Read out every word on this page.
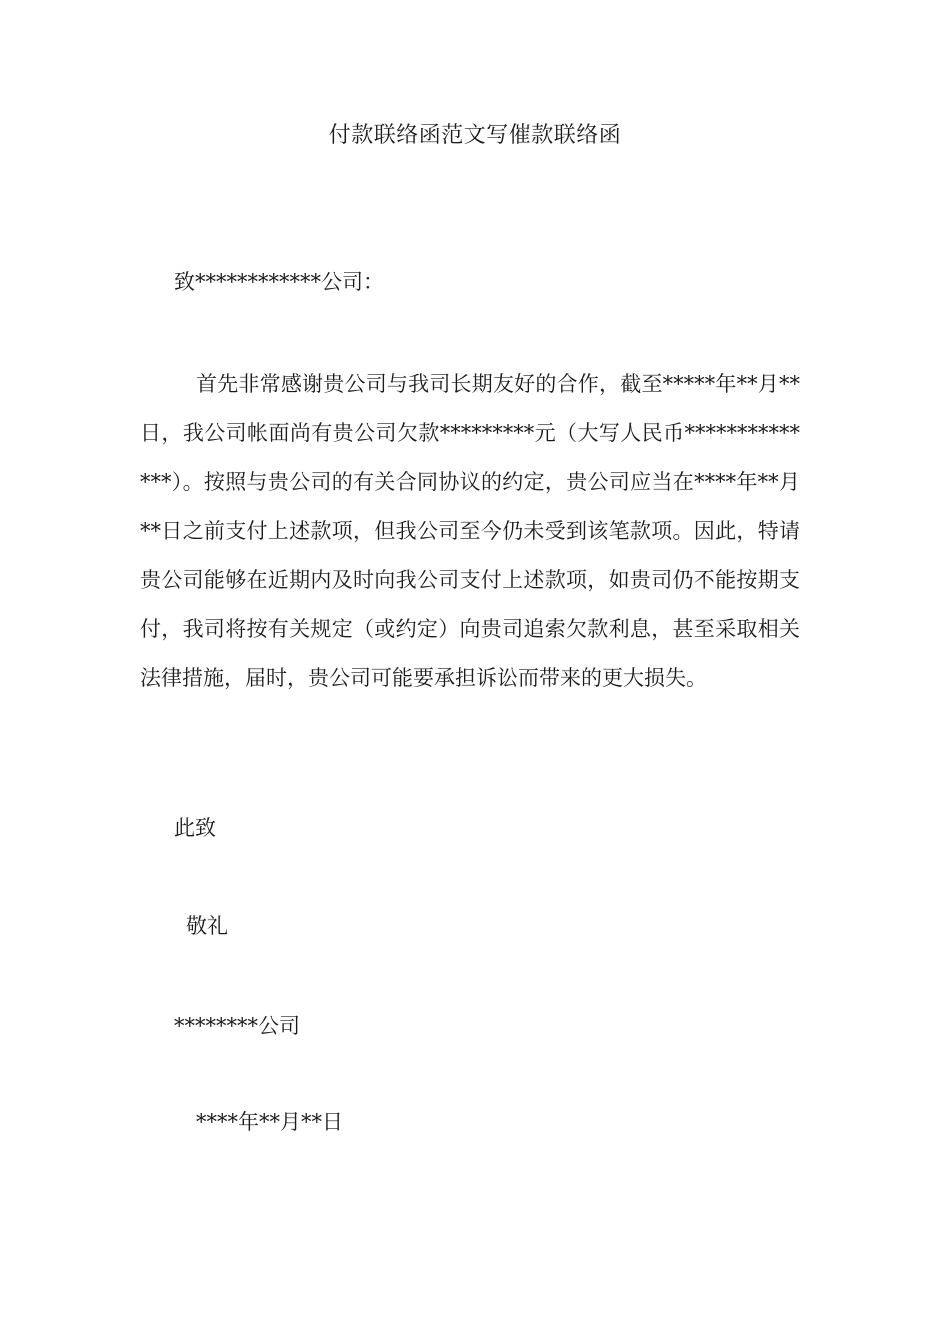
付款联络函范文写催款联络函
致************公司：
首先非常感谢贵公司与我司长期友好的合作，截至*****年**月**日，我公司帐面尚有贵公司欠款*********元（大写人民币**************）。按照与贵公司的有关合同协议的约定，贵公司应当在****年**月**日之前支付上述款项，但我公司至今仍未受到该笔款项。因此，特请贵公司能够在近期内及时向我公司支付上述款项，如贵司仍不能按期支付，我司将按有关规定（或约定）向贵司追索欠款利息，甚至采取相关法律措施，届时，贵公司可能要承担诉讼而带来的更大损失。
此致
敬礼
********公司
****年**月**日
